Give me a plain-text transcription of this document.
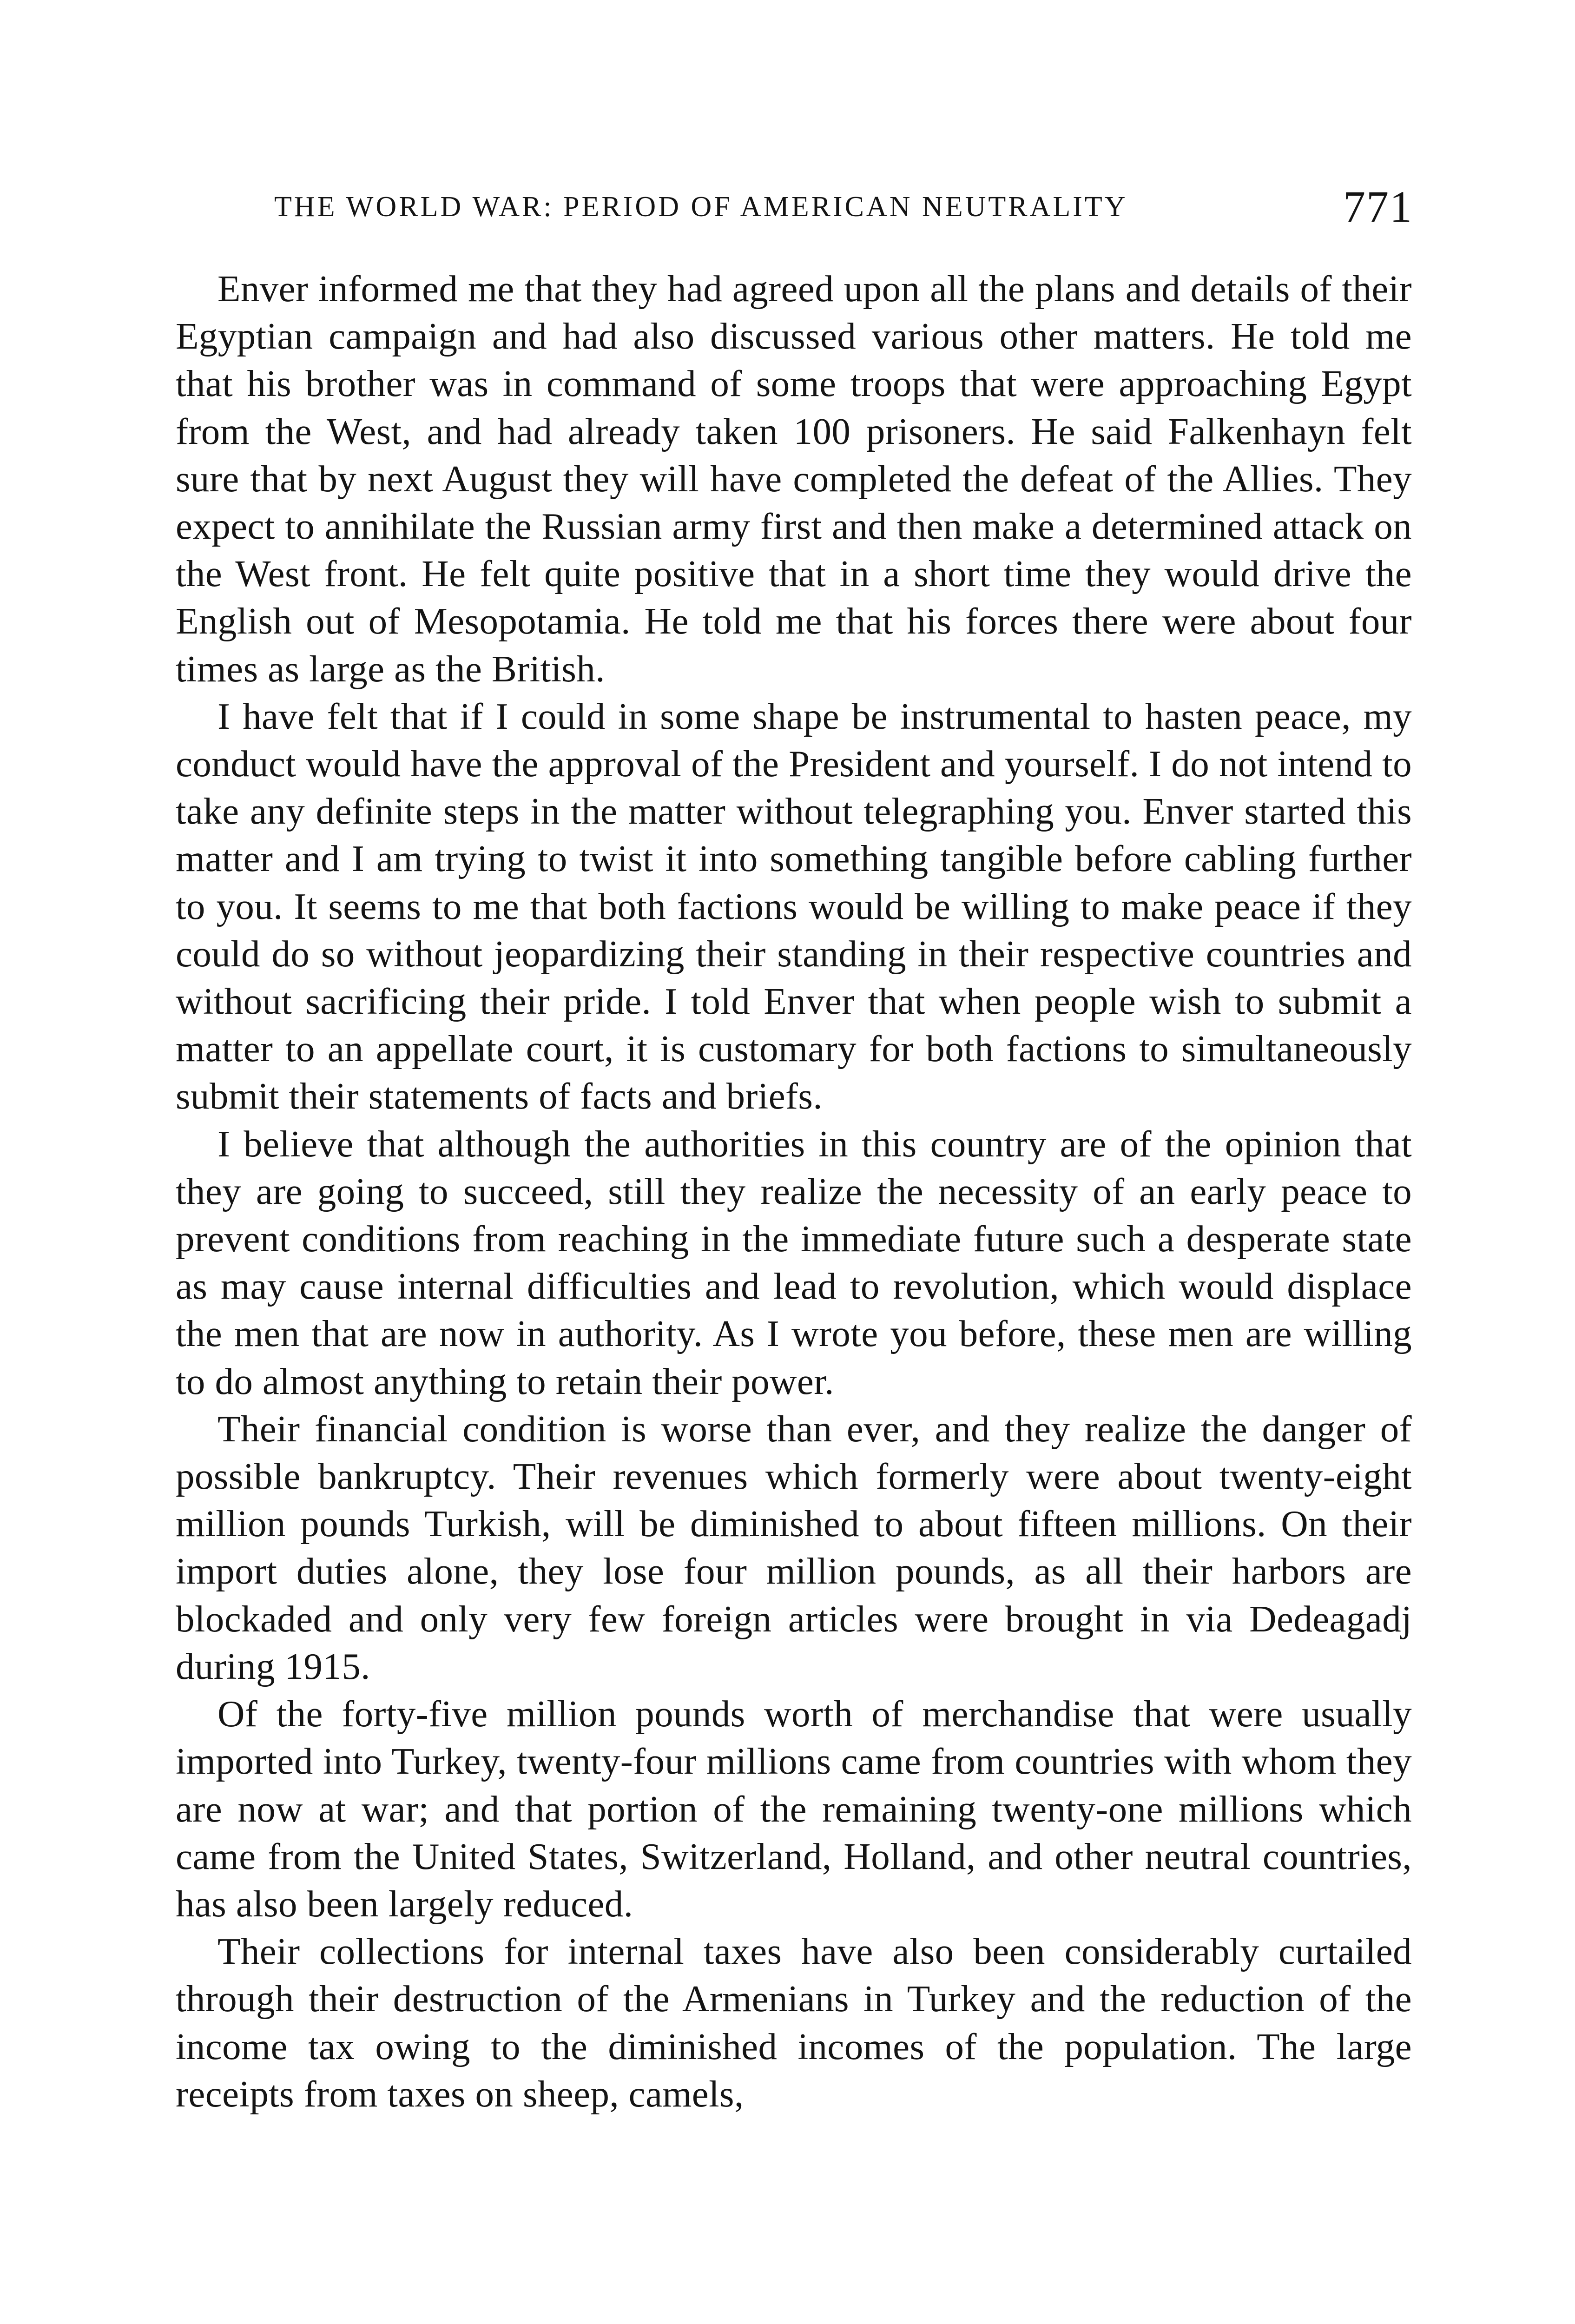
THE WORLD WAR: PERIOD OF AMERICAN NEUTRALITY	771

Enver informed me that they had agreed upon all the plans and details of their Egyptian campaign and had also discussed various other matters. He told me that his brother was in command of some troops that were approaching Egypt from the West, and had already taken 100 prisoners. He said Falkenhayn felt sure that by next August they will have completed the defeat of the Allies. They expect to annihilate the Russian army first and then make a determined attack on the West front. He felt quite positive that in a short time they would drive the English out of Mesopotamia. He told me that his forces there were about four times as large as the British.

I have felt that if I could in some shape be instrumental to hasten peace, my conduct would have the approval of the President and yourself. I do not intend to take any definite steps in the matter without telegraphing you. Enver started this matter and I am trying to twist it into something tangible before cabling further to you. It seems to me that both factions would be willing to make peace if they could do so without jeopardizing their standing in their respective countries and without sacrificing their pride. I told Enver that when people wish to submit a matter to an appellate court, it is customary for both factions to simultaneously submit their statements of facts and briefs.

I believe that although the authorities in this country are of the opinion that they are going to succeed, still they realize the necessity of an early peace to prevent conditions from reaching in the immediate future such a desperate state as may cause internal difficulties and lead to revolution, which would displace the men that are now in authority. As I wrote you before, these men are willing to do almost anything to retain their power.

Their financial condition is worse than ever, and they realize the danger of possible bankruptcy. Their revenues which formerly were about twenty-eight million pounds Turkish, will be diminished to about fifteen millions. On their import duties alone, they lose four million pounds, as all their harbors are blockaded and only very few foreign articles were brought in via Dedeagadj during 1915.

Of the forty-five million pounds worth of merchandise that were usually imported into Turkey, twenty-four millions came from countries with whom they are now at war; and that portion of the remaining twenty-one millions which came from the United States, Switzerland, Holland, and other neutral countries, has also been largely reduced.

Their collections for internal taxes have also been considerably curtailed through their destruction of the Armenians in Turkey and the reduction of the income tax owing to the diminished incomes of the population. The large receipts from taxes on sheep, camels,
